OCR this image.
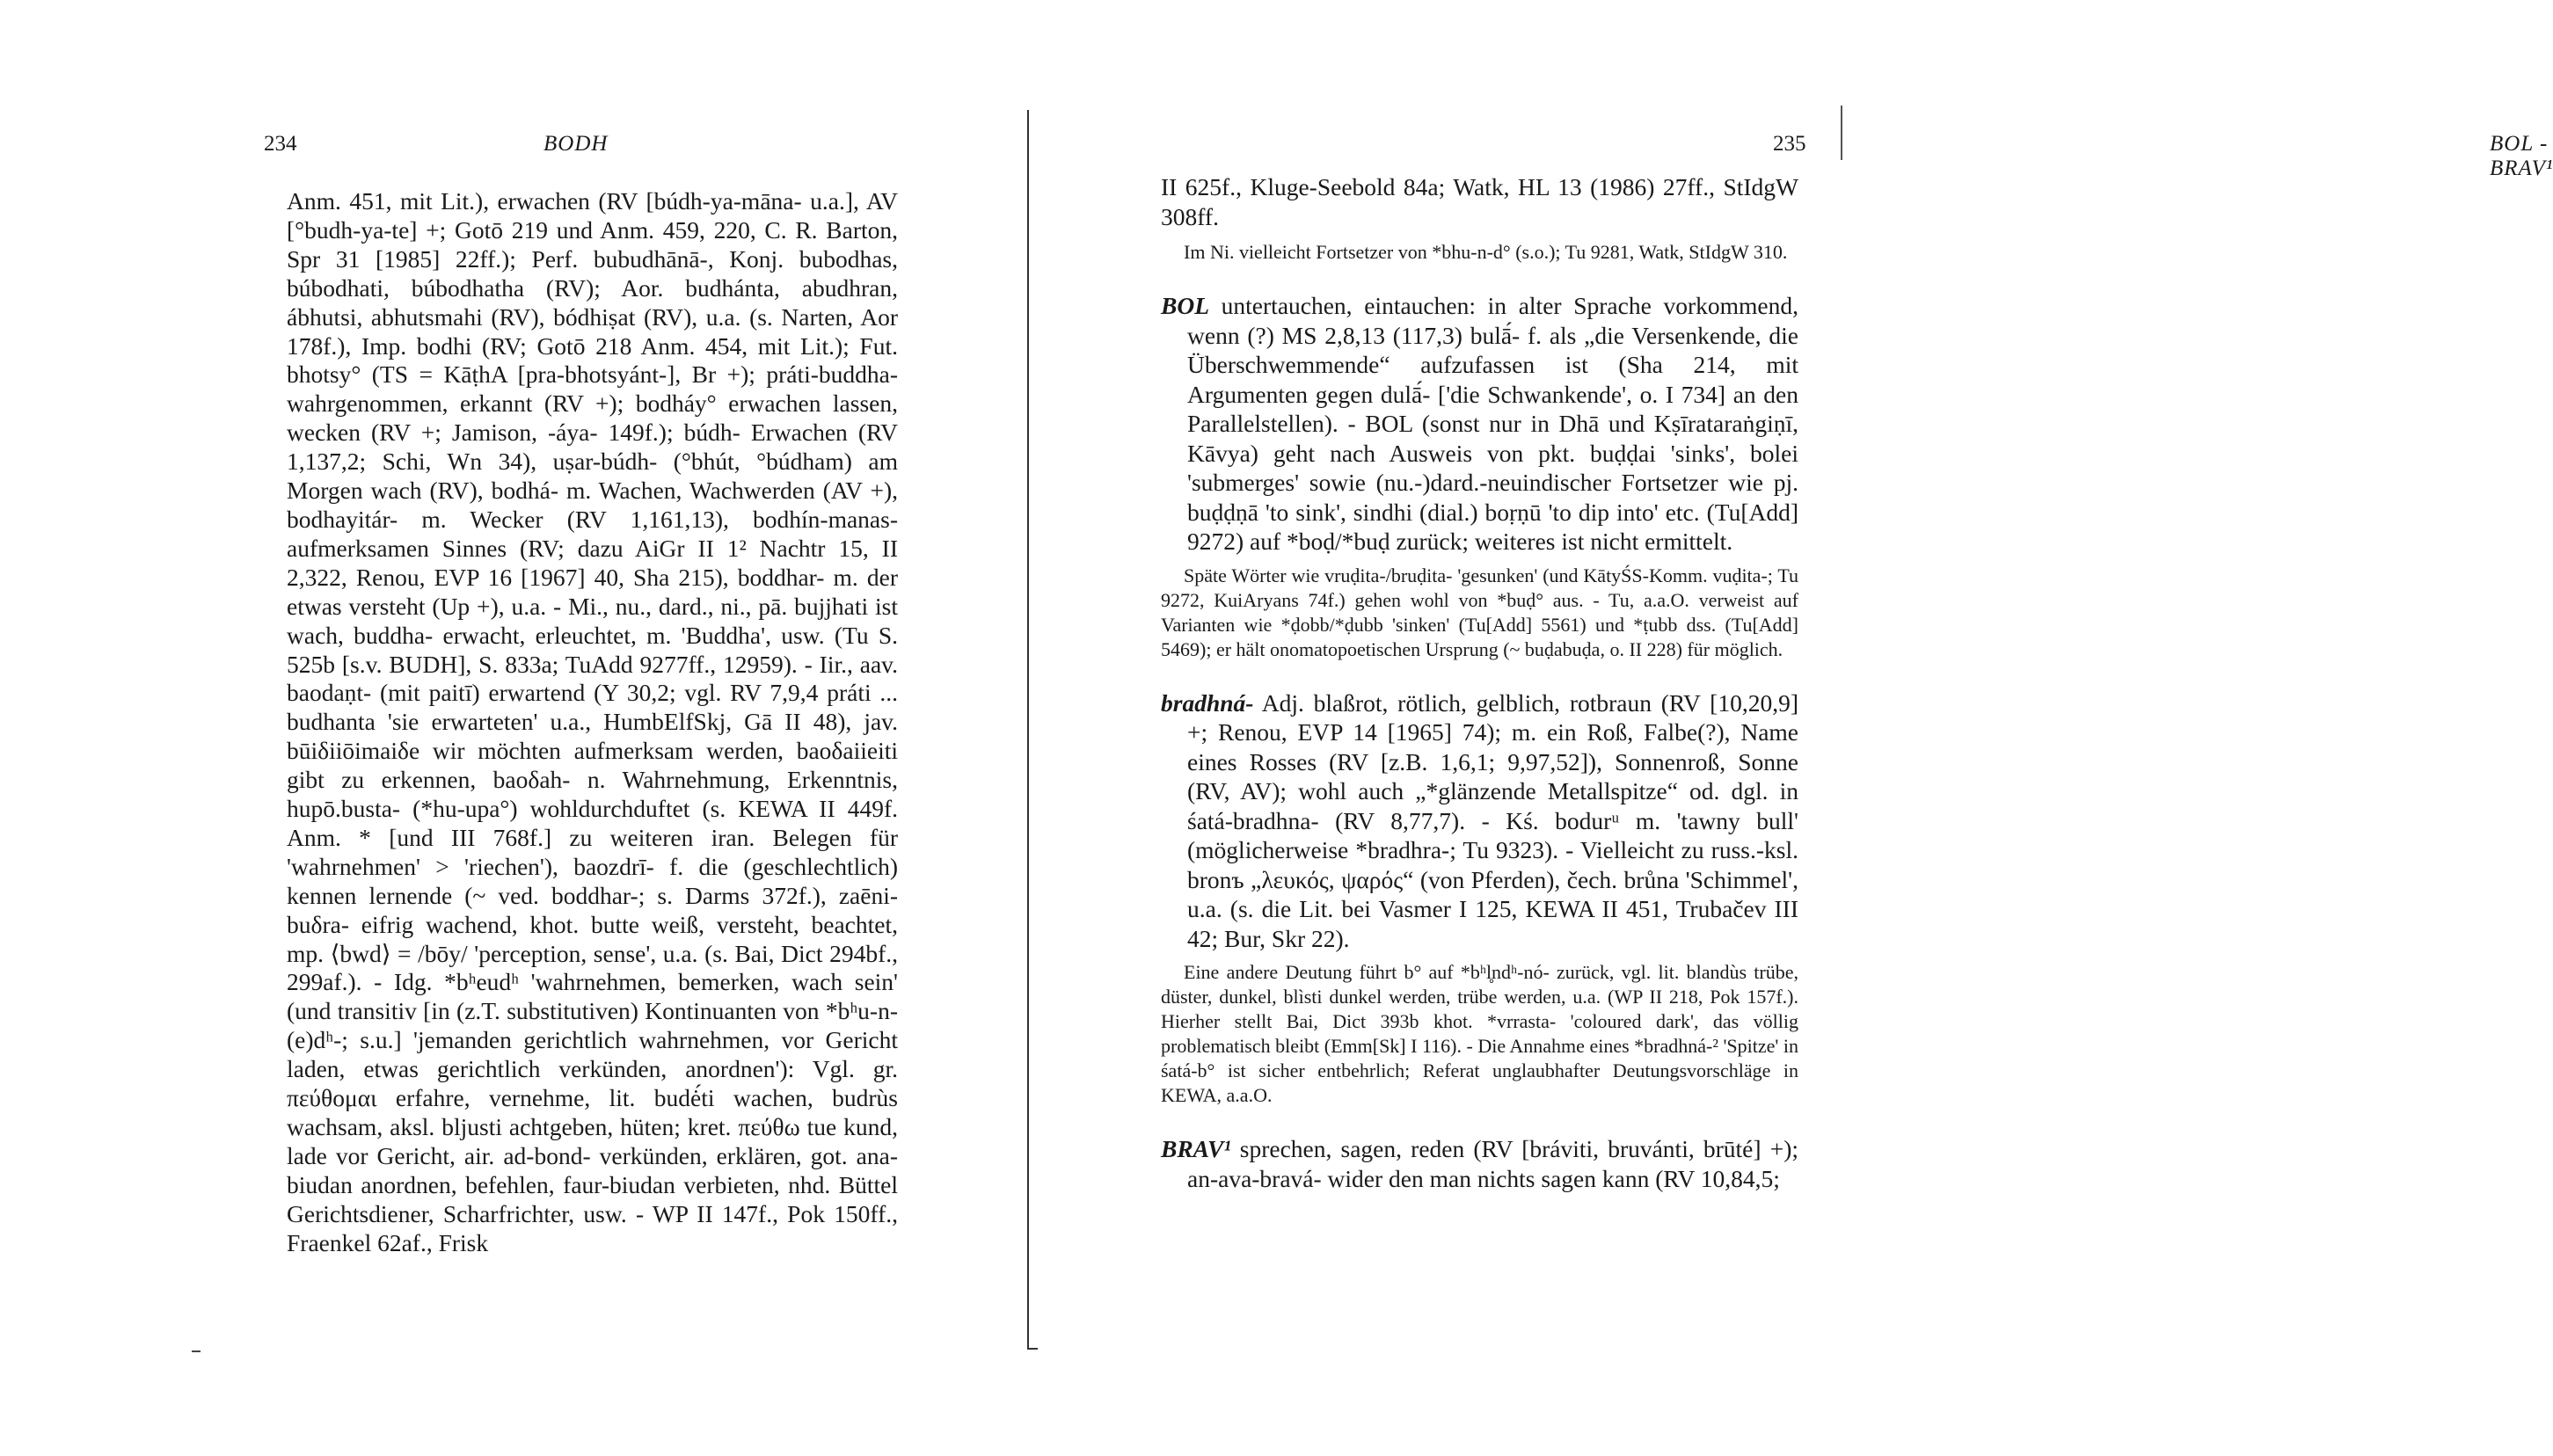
234	BODH

Anm. 451, mit Lit.), erwachen (RV [búdh-ya-māna- u.a.], AV [°budh-ya-te] +; Gotō 219 und Anm. 459, 220, C. R. Barton, Spr 31 [1985] 22ff.); Perf. bubudhānā-, Konj. bubodhas, búbodhati, búbodhatha (RV); Aor. budhánta, abudhran, ábhutsi, abhutsmahi (RV), bódhiṣat (RV), u.a. (s. Narten, Aor 178f.), Imp. bodhi (RV; Gotō 218 Anm. 454, mit Lit.); Fut. bhotsy° (TS = KāṭhA [pra-bhotsyánt-], Br +); práti-buddha- wahrgenommen, erkannt (RV +); bodháy° erwachen lassen, wecken (RV +; Jamison, -áya- 149f.); búdh- Erwachen (RV 1,137,2; Schi, Wn 34), uṣar-búdh- (°bhút, °búdham) am Morgen wach (RV), bodhá- m. Wachen, Wachwerden (AV +), bodhayitár- m. Wecker (RV 1,161,13), bodhín-manas- aufmerksamen Sinnes (RV; dazu AiGr II 1² Nachtr 15, II 2,322, Renou, EVP 16 [1967] 40, Sha 215), boddhar- m. der etwas versteht (Up +), u.a. - Mi., nu., dard., ni., pā. bujjhati ist wach, buddha- erwacht, erleuchtet, m. 'Buddha', usw. (Tu S. 525b [s.v. BUDH], S. 833a; TuAdd 9277ff., 12959). - Iir., aav. baodaṇt- (mit paitī) erwartend (Y 30,2; vgl. RV 7,9,4 práti ... budhanta 'sie erwarteten' u.a., HumbElfSkj, Gā II 48), jav. būiδiiōimaiδe wir möchten aufmerksam werden, baoδaiieiti gibt zu erkennen, baoδah- n. Wahrnehmung, Erkenntnis, hupō.busta- (*hu-upa°) wohldurchduftet (s. KEWA II 449f. Anm. * [und III 768f.] zu weiteren iran. Belegen für 'wahrnehmen' > 'riechen'), baozdrī- f. die (geschlechtlich) kennen lernende (~ ved. boddhar-; s. Darms 372f.), zaēni-buδra- eifrig wachend, khot. butte weiß, versteht, beachtet, mp. ⟨bwd⟩ = /bōy/ 'perception, sense', u.a. (s. Bai, Dict 294bf., 299af.). - Idg. *bʰeudʰ 'wahrnehmen, bemerken, wach sein' (und transitiv [in (z.T. substitutiven) Kontinuanten von *bʰu-n-(e)dʰ-; s.u.] 'jemanden gerichtlich wahrnehmen, vor Gericht laden, etwas gerichtlich verkünden, anordnen'): Vgl. gr. πεύθομαι erfahre, vernehme, lit. budė́ti wachen, budrùs wachsam, aksl. bljusti achtgeben, hüten; kret. πεύθω tue kund, lade vor Gericht, air. ad-bond- verkünden, erklären, got. ana-biudan anordnen, befehlen, faur-biudan verbieten, nhd. Büttel Gerichtsdiener, Scharfrichter, usw. - WP II 147f., Pok 150ff., Fraenkel 62af., Frisk

BOL - BRAV¹
235

II 625f., Kluge-Seebold 84a; Watk, HL 13 (1986) 27ff., StIdgW 308ff.

Im Ni. vielleicht Fortsetzer von *bhu-n-d° (s.o.); Tu 9281, Watk, StIdgW 310.

BOL untertauchen, eintauchen: in alter Sprache vorkommend, wenn (?) MS 2,8,13 (117,3) bulā́- f. als „die Versenkende, die Überschwemmende“ aufzufassen ist (Sha 214, mit Argumenten gegen dulā́- ['die Schwankende', o. I 734] an den Parallelstellen). - BOL (sonst nur in Dhā und Kṣīrataraṅgiṇī, Kāvya) geht nach Ausweis von pkt. buḍḍai 'sinks', bolei 'submerges' sowie (nu.-)dard.-neuindischer Fortsetzer wie pj. buḍḍṇā 'to sink', sindhi (dial.) boṛṇū 'to dip into' etc. (Tu[Add] 9272) auf *boḍ/*buḍ zurück; weiteres ist nicht ermittelt.

Späte Wörter wie vruḍita-/bruḍita- 'gesunken' (und KātyŚS-Komm. vuḍita-; Tu 9272, KuiAryans 74f.) gehen wohl von *buḍ° aus. - Tu, a.a.O. verweist auf Varianten wie *ḍobb/*ḍubb 'sinken' (Tu[Add] 5561) und *ṭubb dss. (Tu[Add] 5469); er hält onomatopoetischen Ursprung (~ buḍabuḍa, o. II 228) für möglich.

bradhná- Adj. blaßrot, rötlich, gelblich, rotbraun (RV [10,20,9] +; Renou, EVP 14 [1965] 74); m. ein Roß, Falbe(?), Name eines Rosses (RV [z.B. 1,6,1; 9,97,52]), Sonnenroß, Sonne (RV, AV); wohl auch „*glänzende Metallspitze“ od. dgl. in śatá-bradhna- (RV 8,77,7). - Kś. bodurᵘ m. 'tawny bull' (möglicherweise *bradhra-; Tu 9323). - Vielleicht zu russ.-ksl. bronъ „λευκός, ψαρός“ (von Pferden), čech. brůna 'Schimmel', u.a. (s. die Lit. bei Vasmer I 125, KEWA II 451, Trubačev III 42; Bur, Skr 22).

Eine andere Deutung führt b° auf *bʰl̥ndʰ-nó- zurück, vgl. lit. blandùs trübe, düster, dunkel, blìsti dunkel werden, trübe werden, u.a. (WP II 218, Pok 157f.). Hierher stellt Bai, Dict 393b khot. *vrrasta- 'coloured dark', das völlig problematisch bleibt (Emm[Sk] I 116). - Die Annahme eines *bradhná-² 'Spitze' in śatá-b° ist sicher entbehrlich; Referat unglaubhafter Deutungsvorschläge in KEWA, a.a.O.

BRAV¹ sprechen, sagen, reden (RV [bráviti, bruvánti, brūté] +); an-ava-bravá- wider den man nichts sagen kann (RV 10,84,5;
